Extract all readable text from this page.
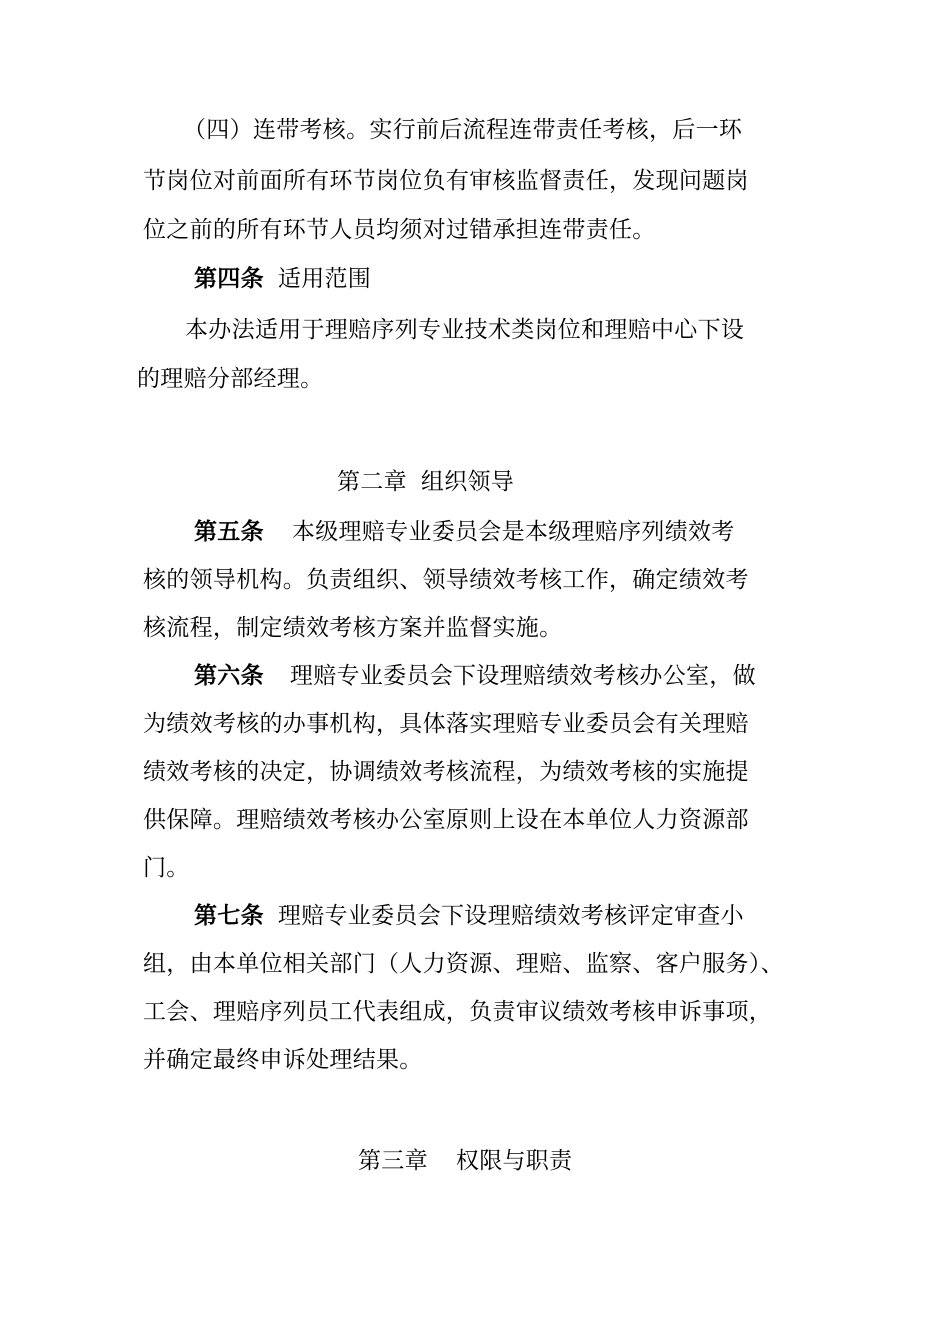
（四）连带考核。实行前后流程连带责任考核，后一环
节岗位对前面所有环节岗位负有审核监督责任，发现问题岗
位之前的所有环节人员均须对过错承担连带责任。
第四条 适用范围
本办法适用于理赔序列专业技术类岗位和理赔中心下设
的理赔分部经理。
第二章 组织领导
第五条 本级理赔专业委员会是本级理赔序列绩效考
核的领导机构。负责组织、领导绩效考核工作，确定绩效考
核流程，制定绩效考核方案并监督实施。
第六条 理赔专业委员会下设理赔绩效考核办公室，做
为绩效考核的办事机构，具体落实理赔专业委员会有关理赔
绩效考核的决定，协调绩效考核流程，为绩效考核的实施提
供保障。理赔绩效考核办公室原则上设在本单位人力资源部
门。
第七条 理赔专业委员会下设理赔绩效考核评定审查小
组，由本单位相关部门（人力资源、理赔、监察、客户服务）、
工会、理赔序列员工代表组成，负责审议绩效考核申诉事项，
并确定最终申诉处理结果。
第三章 权限与职责
